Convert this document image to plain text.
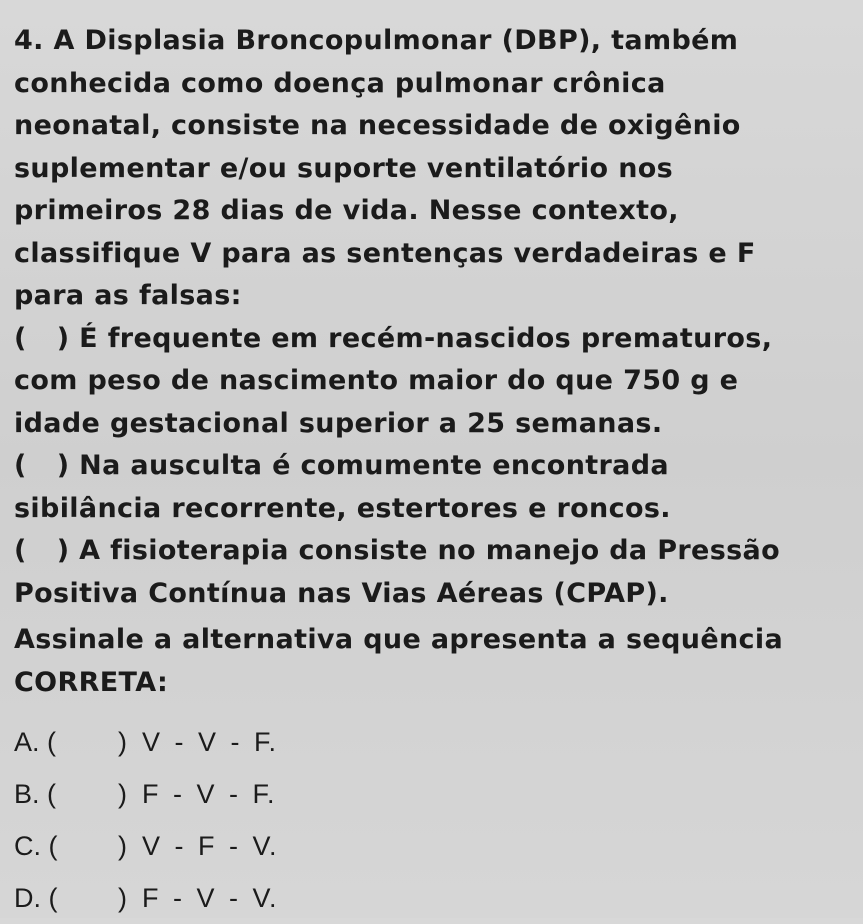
4. A Displasia Broncopulmonar (DBP), também
conhecida como doença pulmonar crônica
neonatal, consiste na necessidade de oxigênio
suplementar e/ou suporte ventilatório nos
primeiros 28 dias de vida. Nesse contexto,
classifique V para as sentenças verdadeiras e F
para as falsas:
( ) É frequente em recém-nascidos prematuros,
com peso de nascimento maior do que 750 g e
idade gestacional superior a 25 semanas.
( ) Na ausculta é comumente encontrada
sibilância recorrente, estertores e roncos.
( ) A fisioterapia consiste no manejo da Pressão
Positiva Contínua nas Vias Aéreas (CPAP).
Assinale a alternativa que apresenta a sequência
CORRETA:
A. ( )
V - V - F.
B. ( )
F - V - F.
C. ( )
V - F - V.
D. ( )
F - V - V.
